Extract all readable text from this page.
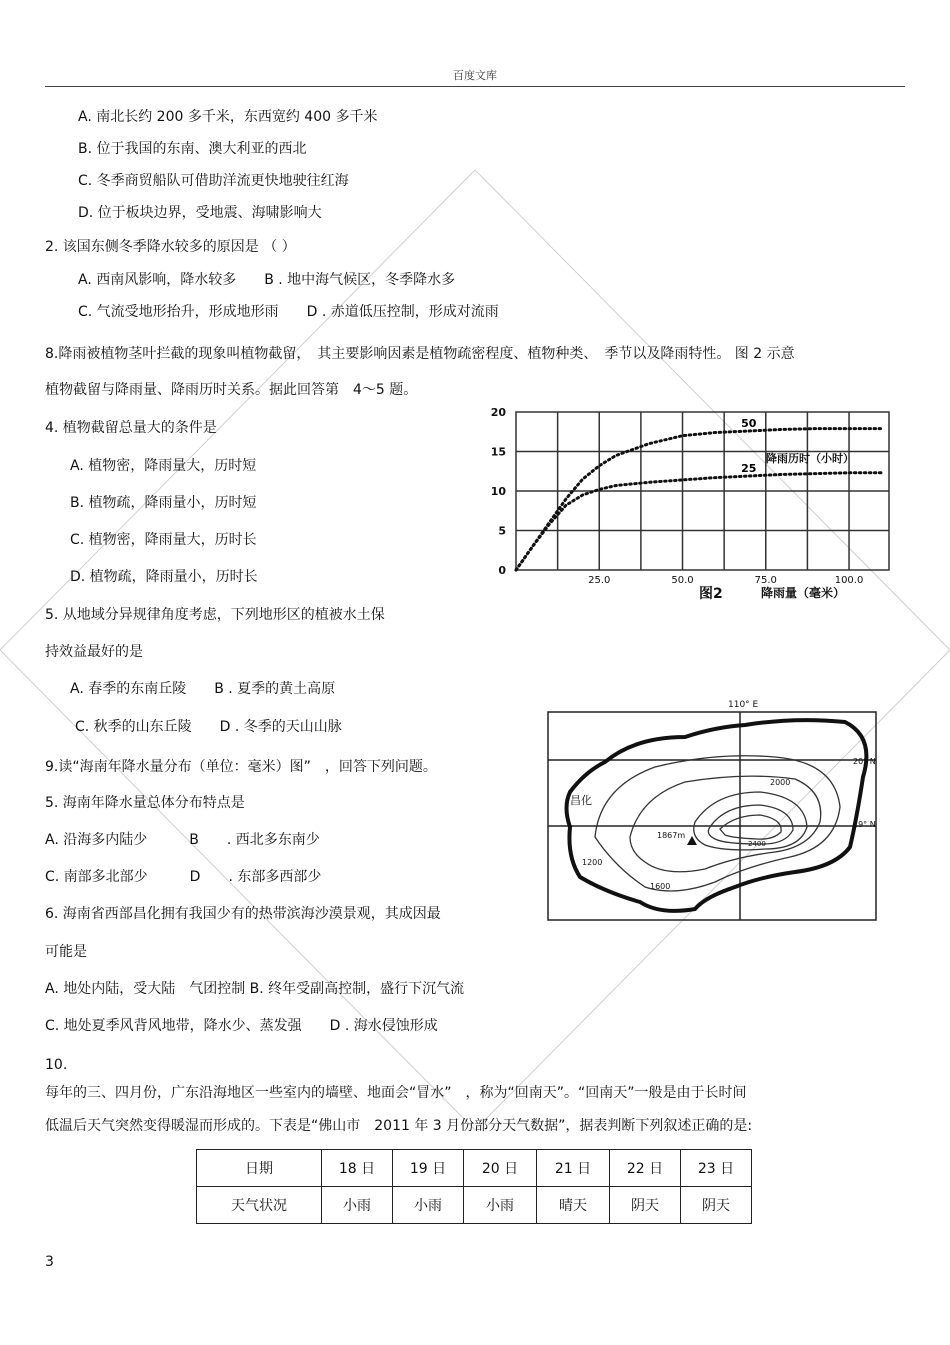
百度文库
A. 南北长约 200 多千米，东西宽约 400 多千米
B. 位于我国的东南、澳大利亚的西北
C. 冬季商贸船队可借助洋流更快地驶往红海
D. 位于板块边界，受地震、海啸影响大
2. 该国东侧冬季降水较多的原因是 （ ）
A. 西南风影响，降水较多　　B . 地中海气候区，冬季降水多
C. 气流受地形抬升，形成地形雨　　D . 赤道低压控制，形成对流雨
8.降雨被植物茎叶拦截的现象叫植物截留，　其主要影响因素是植物疏密程度、植物种类、　季节以及降雨特性。 图 2 示意
植物截留与降雨量、降雨历时关系。据此回答第　4～5 题。
4. 植物截留总量大的条件是
A. 植物密，降雨量大，历时短
B. 植物疏，降雨量小，历时短
C. 植物密，降雨量大，历时长
D. 植物疏，降雨量小，历时长
5. 从地域分异规律角度考虑，下列地形区的植被水土保
持效益最好的是
A. 春季的东南丘陵　　B . 夏季的黄土高原
C. 秋季的山东丘陵　　D . 冬季的天山山脉
50
25
20
15
10
5
0
25.0	50.0	75.0	100.0
图2	降雨量（毫米）
降雨历时（小时）
9.读“海南年降水量分布（单位：毫米）图”　，回答下列问题。
5. 海南年降水量总体分布特点是
A. 沿海多内陆少　　　B　　. 西北多东南少
C. 南部多北部少　　　D　　. 东部多西部少
6. 海南省西部昌化拥有我国少有的热带滨海沙漠景观，其成因最
可能是
A. 地处内陆，受大陆　气团控制 B. 终年受副高控制，盛行下沉气流
C. 地处夏季风背风地带，降水少、蒸发强　　D . 海水侵蚀形成
110° E
20° N
19° N
昌化
1867m
2000
2400
1200
1600
10.
每年的三、四月份，广东沿海地区一些室内的墙壁、地面会“冒水”　，称为“回南天”。“回南天”一般是由于长时间
低温后天气突然变得暖湿而形成的。下表是“佛山市　2011 年 3 月份部分天气数据”，据表判断下列叙述正确的是:
日期	18 日	19 日	20 日	21 日	22 日	23 日
天气状况	小雨	小雨	小雨	晴天	阴天	阴天
3
